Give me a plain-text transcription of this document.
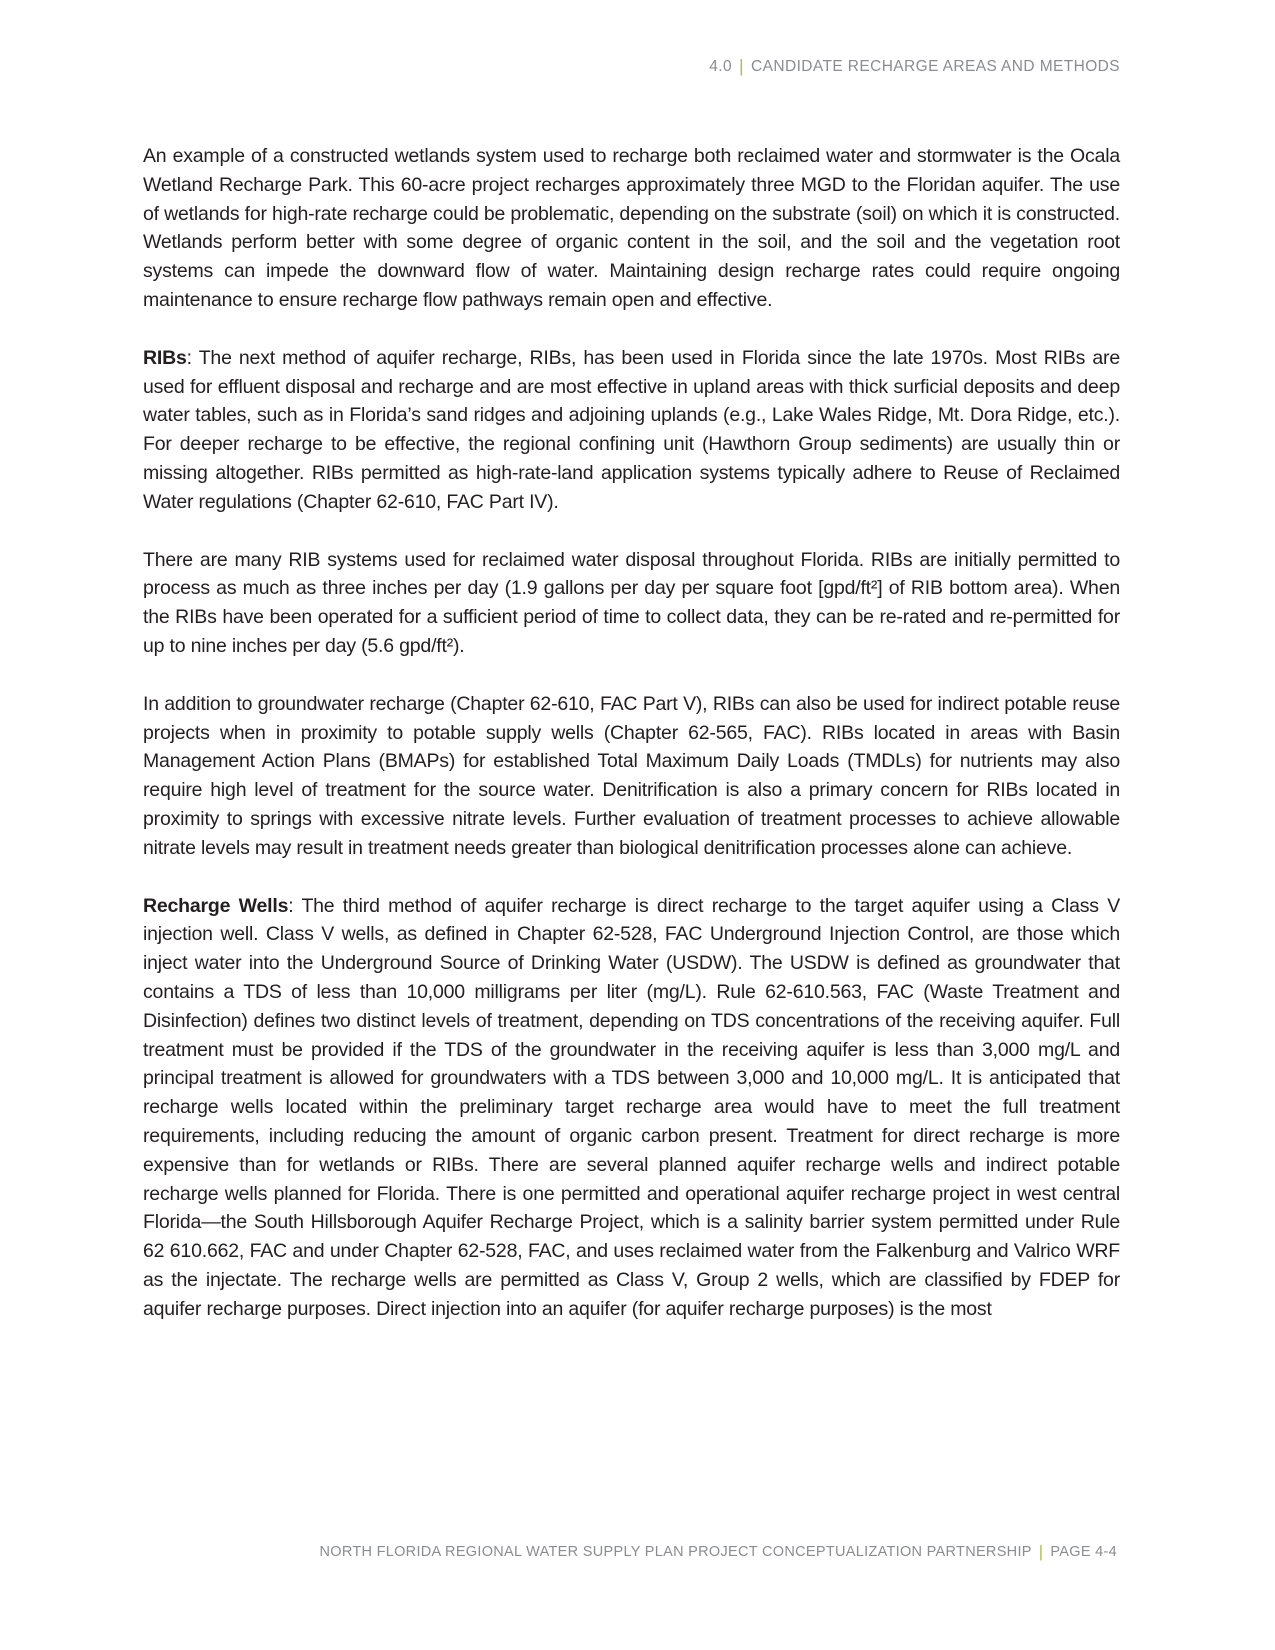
4.0 | CANDIDATE RECHARGE AREAS AND METHODS

An example of a constructed wetlands system used to recharge both reclaimed water and stormwater is the Ocala Wetland Recharge Park. This 60-acre project recharges approximately three MGD to the Floridan aquifer. The use of wetlands for high-rate recharge could be problematic, depending on the substrate (soil) on which it is constructed. Wetlands perform better with some degree of organic content in the soil, and the soil and the vegetation root systems can impede the downward flow of water. Maintaining design recharge rates could require ongoing maintenance to ensure recharge flow pathways remain open and effective.

RIBs: The next method of aquifer recharge, RIBs, has been used in Florida since the late 1970s. Most RIBs are used for effluent disposal and recharge and are most effective in upland areas with thick surficial deposits and deep water tables, such as in Florida’s sand ridges and adjoining uplands (e.g., Lake Wales Ridge, Mt. Dora Ridge, etc.). For deeper recharge to be effective, the regional confining unit (Hawthorn Group sediments) are usually thin or missing altogether. RIBs permitted as high-rate-land application systems typically adhere to Reuse of Reclaimed Water regulations (Chapter 62-610, FAC Part IV).

There are many RIB systems used for reclaimed water disposal throughout Florida. RIBs are initially permitted to process as much as three inches per day (1.9 gallons per day per square foot [gpd/ft²] of RIB bottom area). When the RIBs have been operated for a sufficient period of time to collect data, they can be re-rated and re-permitted for up to nine inches per day (5.6 gpd/ft²).

In addition to groundwater recharge (Chapter 62-610, FAC Part V), RIBs can also be used for indirect potable reuse projects when in proximity to potable supply wells (Chapter 62-565, FAC). RIBs located in areas with Basin Management Action Plans (BMAPs) for established Total Maximum Daily Loads (TMDLs) for nutrients may also require high level of treatment for the source water. Denitrification is also a primary concern for RIBs located in proximity to springs with excessive nitrate levels. Further evaluation of treatment processes to achieve allowable nitrate levels may result in treatment needs greater than biological denitrification processes alone can achieve.

Recharge Wells: The third method of aquifer recharge is direct recharge to the target aquifer using a Class V injection well. Class V wells, as defined in Chapter 62-528, FAC Underground Injection Control, are those which inject water into the Underground Source of Drinking Water (USDW). The USDW is defined as groundwater that contains a TDS of less than 10,000 milligrams per liter (mg/L). Rule 62-610.563, FAC (Waste Treatment and Disinfection) defines two distinct levels of treatment, depending on TDS concentrations of the receiving aquifer. Full treatment must be provided if the TDS of the groundwater in the receiving aquifer is less than 3,000 mg/L and principal treatment is allowed for groundwaters with a TDS between 3,000 and 10,000 mg/L. It is anticipated that recharge wells located within the preliminary target recharge area would have to meet the full treatment requirements, including reducing the amount of organic carbon present. Treatment for direct recharge is more expensive than for wetlands or RIBs. There are several planned aquifer recharge wells and indirect potable recharge wells planned for Florida. There is one permitted and operational aquifer recharge project in west central Florida—the South Hillsborough Aquifer Recharge Project, which is a salinity barrier system permitted under Rule 62 610.662, FAC and under Chapter 62-528, FAC, and uses reclaimed water from the Falkenburg and Valrico WRF as the injectate. The recharge wells are permitted as Class V, Group 2 wells, which are classified by FDEP for aquifer recharge purposes. Direct injection into an aquifer (for aquifer recharge purposes) is the most

NORTH FLORIDA REGIONAL WATER SUPPLY PLAN PROJECT CONCEPTUALIZATION PARTNERSHIP | PAGE 4-4
